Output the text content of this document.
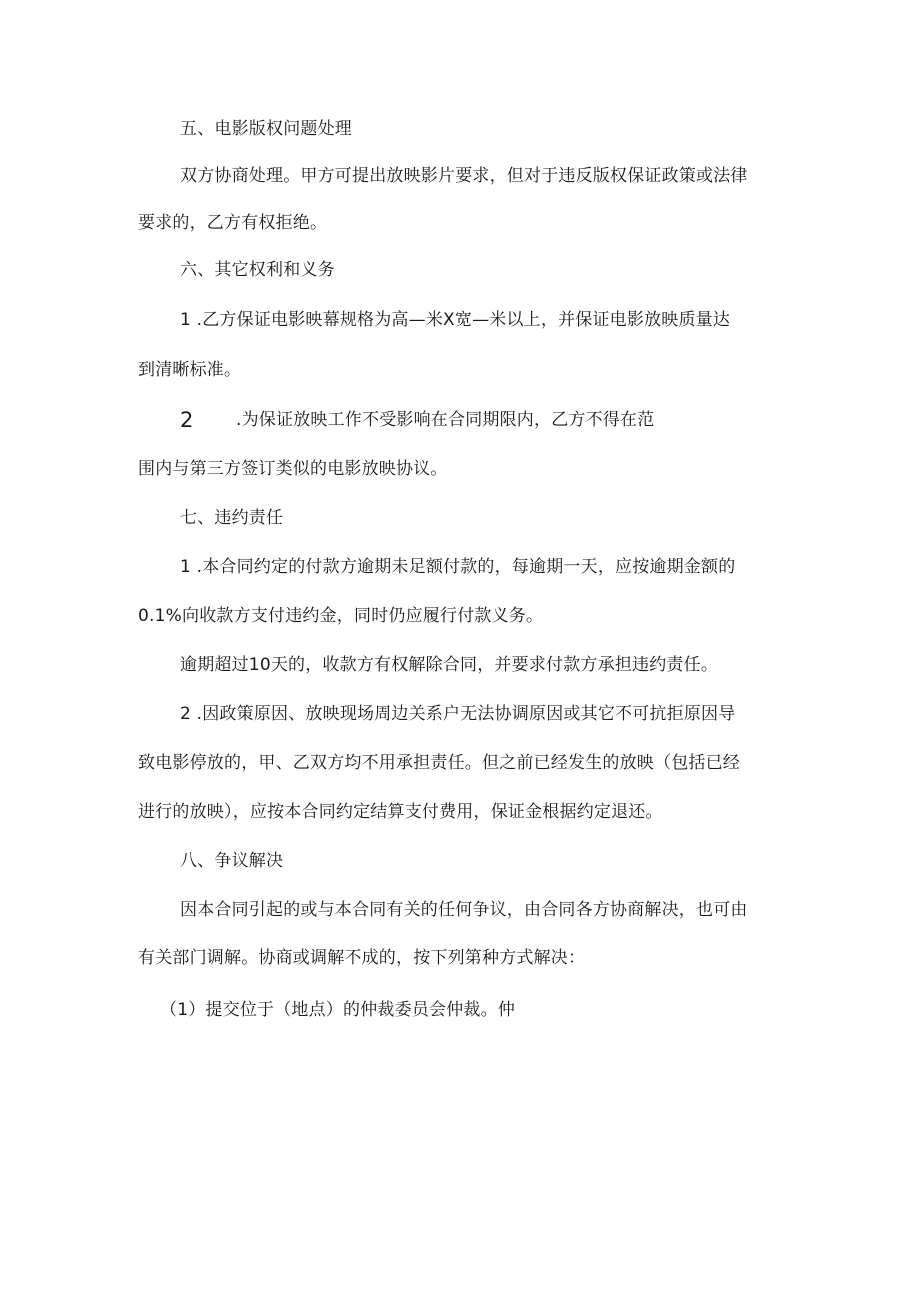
五、电影版权问题处理
双方协商处理。甲方可提出放映影片要求，但对于违反版权保证政策或法律
要求的，乙方有权拒绝。
六、其它权利和义务
1 .乙方保证电影映幕规格为高—米X宽—米以上，并保证电影放映质量达
到清晰标准。
2 .为保证放映工作不受影响在合同期限内，乙方不得在范
围内与第三方签订类似的电影放映协议。
七、违约责任
1 .本合同约定的付款方逾期未足额付款的，每逾期一天，应按逾期金额的
0.1%向收款方支付违约金，同时仍应履行付款义务。
逾期超过10天的，收款方有权解除合同，并要求付款方承担违约责任。
2 .因政策原因、放映现场周边关系户无法协调原因或其它不可抗拒原因导
致电影停放的，甲、乙双方均不用承担责任。但之前已经发生的放映（包括已经
进行的放映），应按本合同约定结算支付费用，保证金根据约定退还。
八、争议解决
因本合同引起的或与本合同有关的任何争议，由合同各方协商解决，也可由
有关部门调解。协商或调解不成的，按下列第种方式解决：
（1）提交位于（地点）的仲裁委员会仲裁。仲
